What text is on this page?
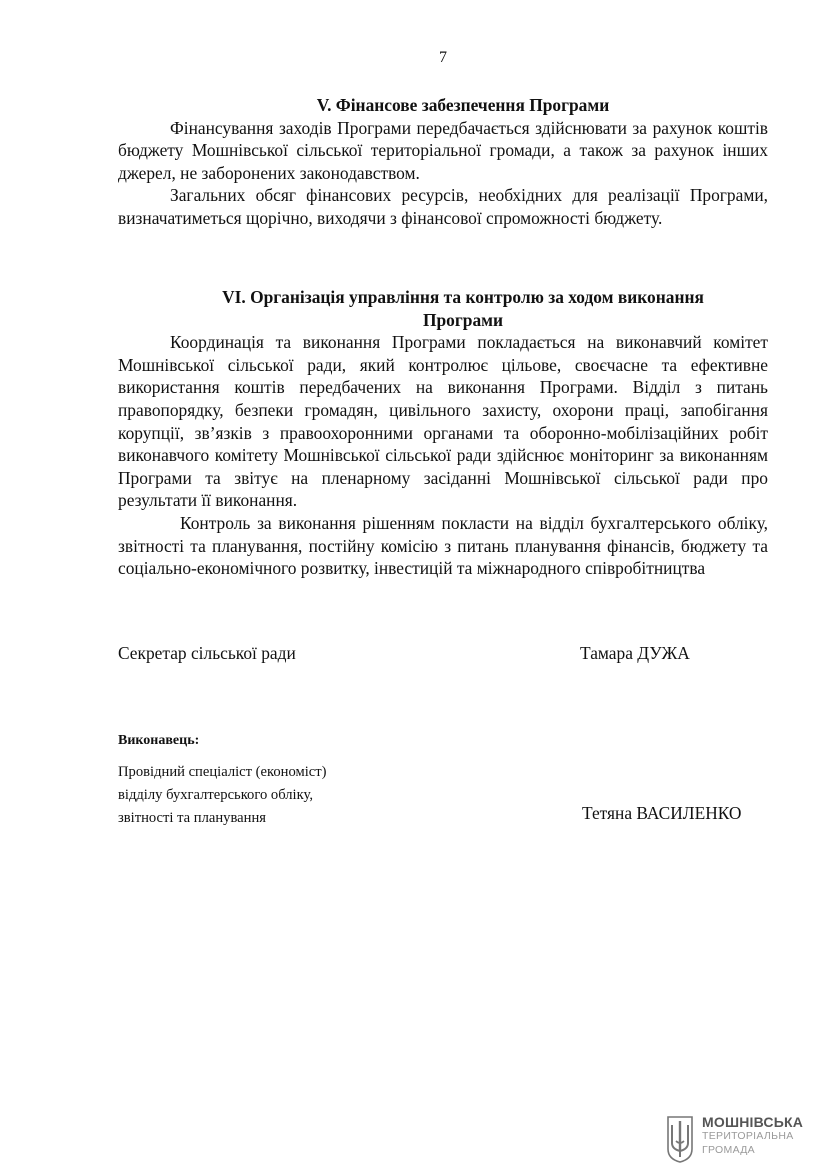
7
V. Фінансове забезпечення Програми

Фінансування заходів Програми передбачається здійснювати за рахунок коштів бюджету Мошнівської сільської територіальної громади, а також за рахунок інших джерел, не заборонених законодавством.

Загальних обсяг фінансових ресурсів, необхідних для реалізації Програми, визначатиметься щорічно, виходячи з фінансової спроможності бюджету.

VI. Організація управління та контролю за ходом виконання
Програми

Координація та виконання Програми покладається на виконавчий комітет Мошнівської сільської ради, який контролює цільове, своєчасне та ефективне використання коштів передбачених на виконання Програми. Відділ з питань правопорядку, безпеки громадян, цивільного захисту, охорони праці, запобігання корупції, зв’язків з правоохоронними органами та оборонно-мобілізаційних робіт виконавчого комітету Мошнівської сільської ради здійснює моніторинг за виконанням Програми та звітує на пленарному засіданні Мошнівської сільської ради про результати її виконання.

Контроль за виконання рішенням покласти на відділ бухгалтерського обліку, звітності та планування, постійну комісію з питань планування фінансів, бюджету та соціально-економічного розвитку, інвестицій та міжнародного співробітництва

Секретар сільської ради	Тамара ДУЖА
Виконавець:
Провідний спеціаліст (економіст)
відділу бухгалтерського обліку,
звітності та планування	Тетяна ВАСИЛЕНКО
МОШНІВСЬКА
ТЕРИТОРІАЛЬНА
ГРОМАДА
